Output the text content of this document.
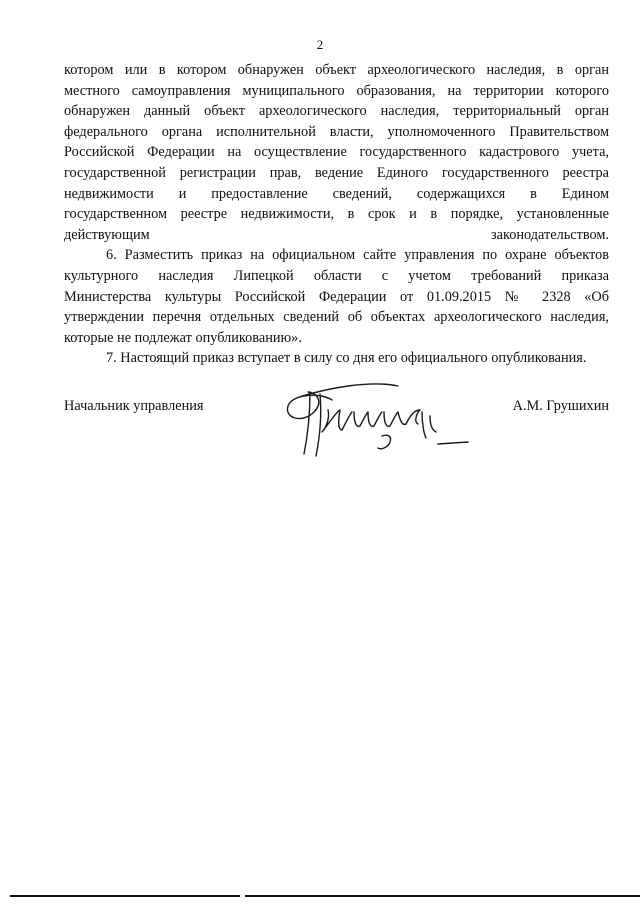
2

котором или в котором обнаружен объект археологического наследия, в орган
местного самоуправления муниципального образования, на территории которого
обнаружен данный объект археологического наследия, территориальный орган
федерального органа исполнительной власти, уполномоченного Правительством
Российской Федерации на осуществление государственного кадастрового учета,
государственной регистрации прав, ведение Единого государственного реестра
недвижимости и предоставление сведений, содержащихся в Едином
государственном реестре недвижимости, в срок и в порядке, установленные
действующим законодательством.

6. Разместить приказ на официальном сайте управления по охране объектов
культурного наследия Липецкой области с учетом требований приказа
Министерства культуры Российской Федерации от 01.09.2015 № 2328 «Об
утверждении перечня отдельных сведений об объектах археологического наследия,
которые не подлежат опубликованию».

7. Настоящий приказ вступает в силу со дня его официального опубликования.

Начальник управления	А.М. Грушихин
